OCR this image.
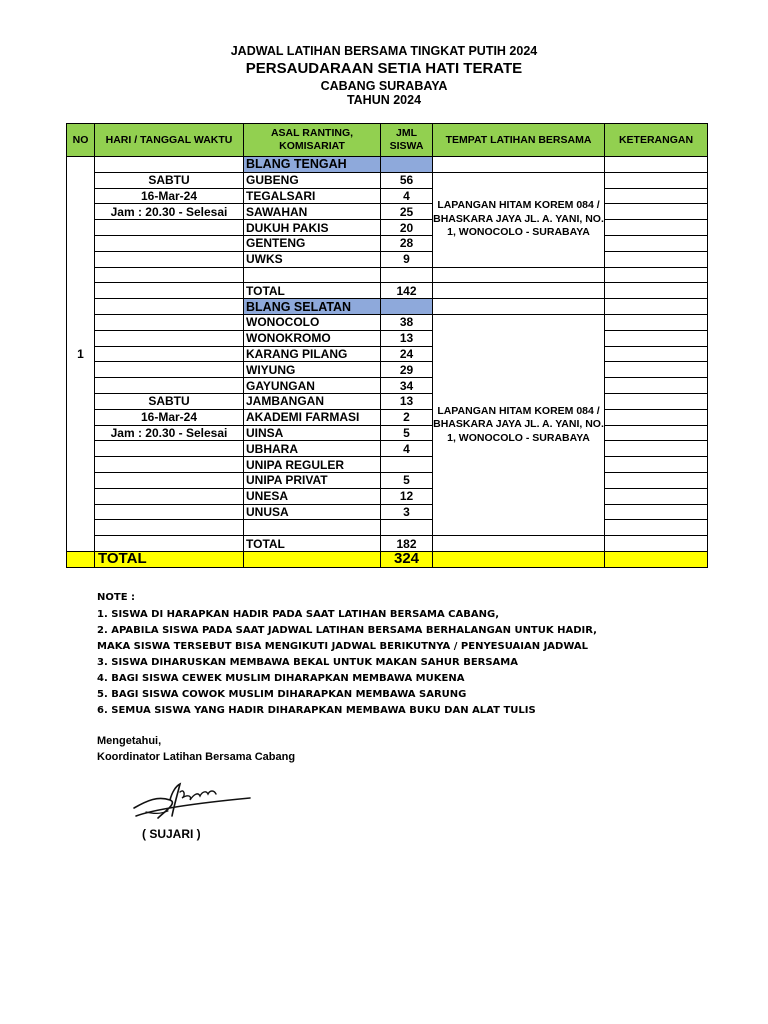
JADWAL LATIHAN BERSAMA TINGKAT PUTIH 2024
PERSAUDARAAN SETIA HATI TERATE
CABANG SURABAYA
TAHUN 2024
NO	HARI / TANGGAL WAKTU	ASAL RANTING, KOMISARIAT	JML SISWA	TEMPAT LATIHAN BERSAMA	KETERANGAN
1		BLANG TENGAH			
	SABTU	GUBENG	56	LAPANGAN HITAM KOREM 084 / BHASKARA JAYA JL. A. YANI, NO. 1, WONOCOLO - SURABAYA	
	16-Mar-24	TEGALSARI	4		
	Jam : 20.30 - Selesai	SAWAHAN	25		
		DUKUH PAKIS	20		
		GENTENG	28		
		UWKS	9		

		TOTAL	142		
		BLANG SELATAN			
		WONOCOLO	38	LAPANGAN HITAM KOREM 084 / BHASKARA JAYA JL. A. YANI, NO. 1, WONOCOLO - SURABAYA	
		WONOKROMO	13		
		KARANG PILANG	24		
		WIYUNG	29		
		GAYUNGAN	34		
	SABTU	JAMBANGAN	13		
	16-Mar-24	AKADEMI FARMASI	2		
	Jam : 20.30 - Selesai	UINSA	5		
		UBHARA	4		
		UNIPA REGULER			
		UNIPA PRIVAT	5		
		UNESA	12		
		UNUSA	3		

		TOTAL	182		
	TOTAL		324		
NOTE :
1. SISWA DI HARAPKAN HADIR PADA SAAT LATIHAN BERSAMA CABANG,
2. APABILA SISWA PADA SAAT JADWAL LATIHAN BERSAMA BERHALANGAN UNTUK HADIR,
MAKA SISWA TERSEBUT BISA MENGIKUTI JADWAL BERIKUTNYA / PENYESUAIAN JADWAL
3. SISWA DIHARUSKAN MEMBAWA BEKAL UNTUK MAKAN SAHUR BERSAMA
4. BAGI SISWA CEWEK MUSLIM DIHARAPKAN MEMBAWA MUKENA
5. BAGI SISWA COWOK MUSLIM DIHARAPKAN MEMBAWA SARUNG
6. SEMUA SISWA YANG HADIR DIHARAPKAN MEMBAWA BUKU DAN ALAT TULIS
Mengetahui,
Koordinator Latihan Bersama Cabang
( SUJARI )
